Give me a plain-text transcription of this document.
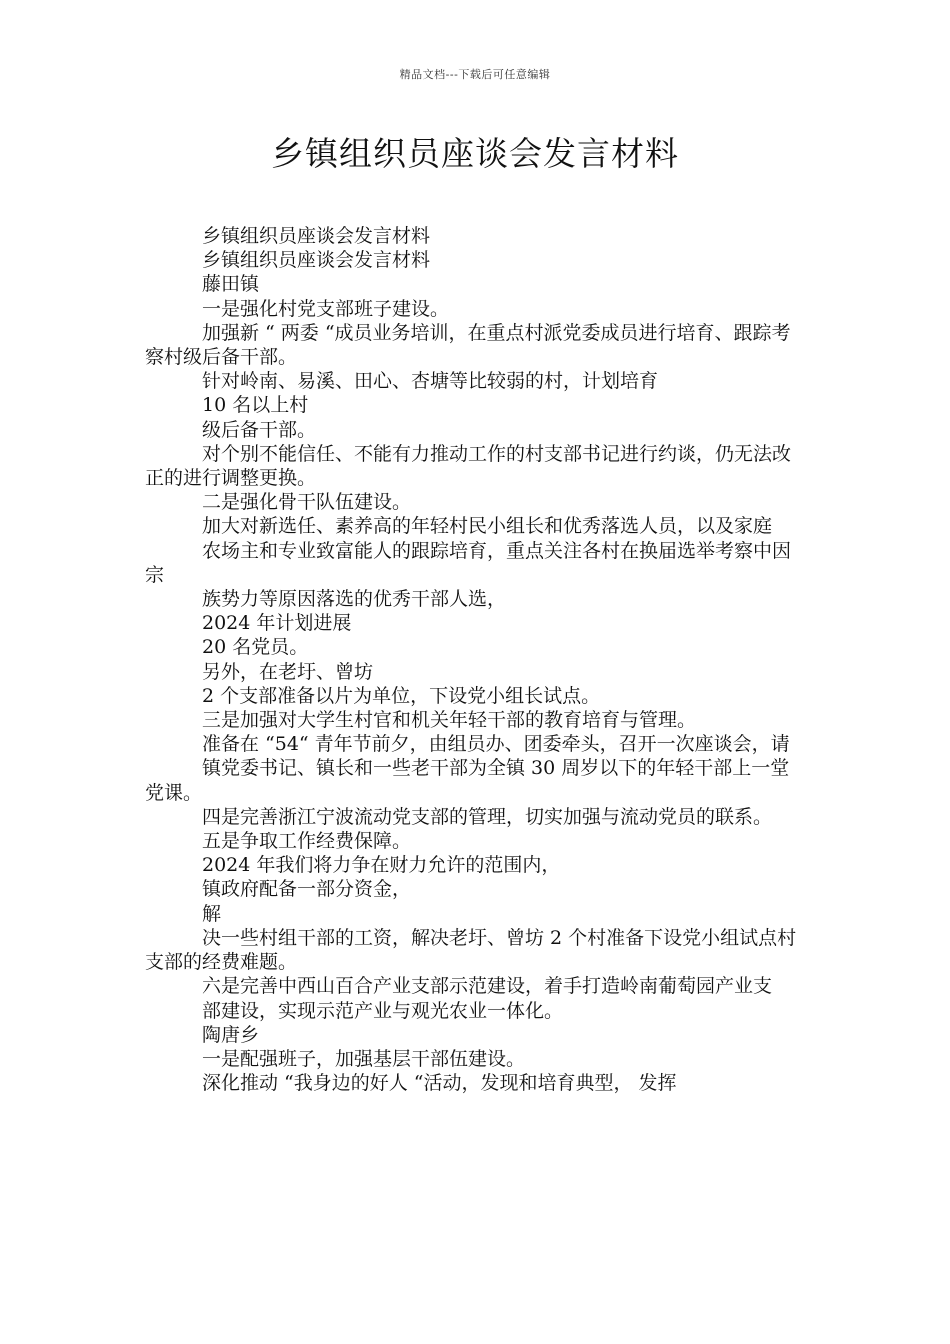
精品文档---下载后可任意编辑
乡镇组织员座谈会发言材料

乡镇组织员座谈会发言材料

乡镇组织员座谈会发言材料

藤田镇

一是强化村党支部班子建设。

加强新 “ 两委 “成员业务培训，在重点村派党委成员进行培育、跟踪考察村级后备干部。

针对岭南、易溪、田心、杏塘等比较弱的村，计划培育

10 名以上村

级后备干部。

对个别不能信任、不能有力推动工作的村支部书记进行约谈，仍无法改正的进行调整更换。

二是强化骨干队伍建设。

加大对新选任、素养高的年轻村民小组长和优秀落选人员，以及家庭

农场主和专业致富能人的跟踪培育，重点关注各村在换届选举考察中因宗

族势力等原因落选的优秀干部人选，

2024 年计划进展

20 名党员。

另外，在老圩、曾坊

2 个支部准备以片为单位，下设党小组长试点。

三是加强对大学生村官和机关年轻干部的教育培育与管理。

准备在 “54“ 青年节前夕，由组员办、团委牵头，召开一次座谈会，请

镇党委书记、镇长和一些老干部为全镇 30 周岁以下的年轻干部上一堂党课。

四是完善浙江宁波流动党支部的管理，切实加强与流动党员的联系。

五是争取工作经费保障。

2024 年我们将力争在财力允许的范围内，

镇政府配备一部分资金，

解

决一些村组干部的工资，解决老圩、曾坊 2 个村准备下设党小组试点村支部的经费难题。

六是完善中西山百合产业支部示范建设，着手打造岭南葡萄园产业支

部建设，实现示范产业与观光农业一体化。

陶唐乡

一是配强班子，加强基层干部伍建设。

深化推动 “我身边的好人 “活动，发现和培育典型， 发挥
